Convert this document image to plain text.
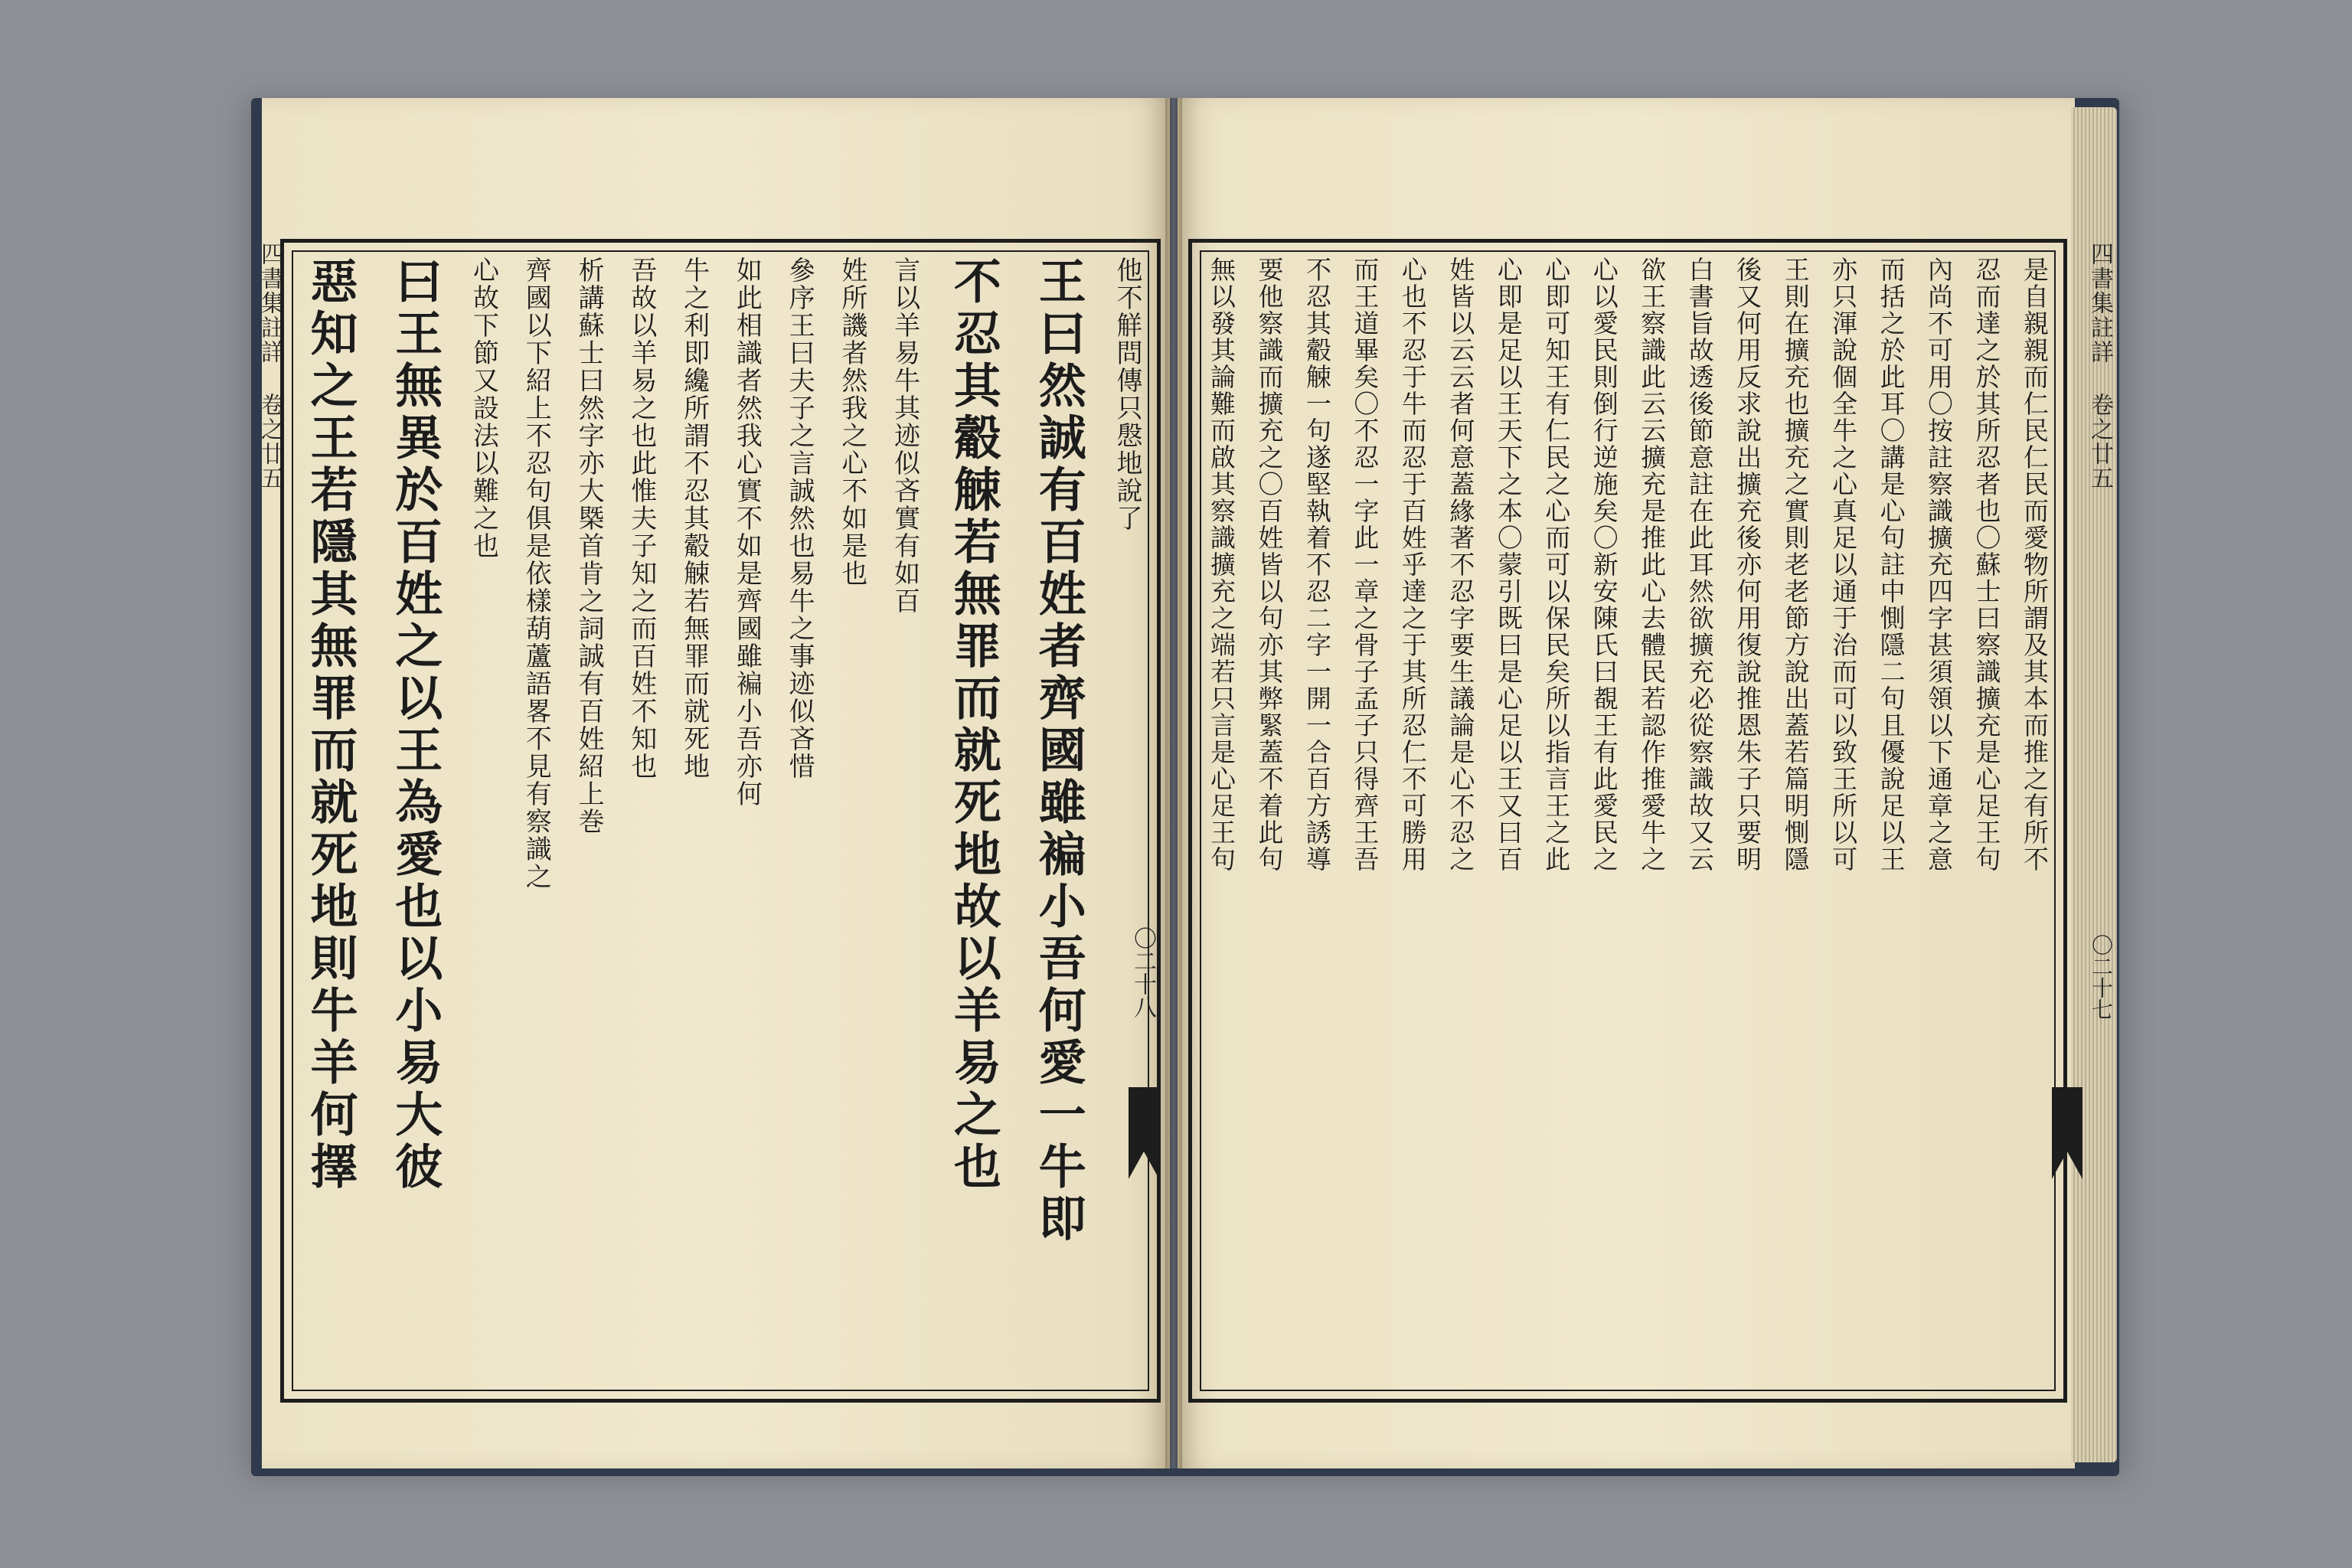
四書集註詳 卷之廿五
〇二十八
四書集註詳 卷之廿五
〇二十七
他不觧問傳只慇地說了
王曰然誠有百姓者齊國雖褊小吾何愛一牛即
不忍其觳觫若無罪而就死地故以羊易之也
言以羊易牛其迹似吝實有如百
姓所譏者然我之心不如是也
參序王曰夫子之言誠然也易牛之事迹似吝惜
如此相識者然我心實不如是齊國雖褊小吾亦何
牛之利即纔所謂不忍其觳觫若無罪而就死地
吾故以羊易之也此惟夫子知之而百姓不知也
析講蘇士曰然字亦大槩首肯之詞誠有百姓紹上巻
齊國以下紹上不忍句俱是依樣葫蘆語畧不見有察識之
心故下節又設法以難之也
曰王無異於百姓之以王為愛也以小易大彼
惡知之王若隱其無罪而就死地則牛羊何擇	是自親親而仁民仁民而愛物所謂及其本而推之有所不
忍而達之於其所忍者也〇蘇士曰察識擴充是心足王句
內尚不可用〇按註察識擴充四字甚須領以下通章之意
而括之於此耳〇講是心句註中惻隱二句且優說足以王
亦只渾說個全牛之心真足以通于治而可以致王所以可
王則在擴充也擴充之實則老老節方說出蓋若篇明惻隱
後又何用反求說出擴充後亦何用復說推恩朱子只要明
白書旨故透後節意註在此耳然欲擴充必從察識故又云
欲王察識此云云擴充是推此心去體民若認作推愛牛之
心以愛民則倒行逆施矣〇新安陳氏曰覩王有此愛民之
心即可知王有仁民之心而可以保民矣所以指言王之此
心即是足以王天下之本〇蒙引既曰是心足以王又曰百
姓皆以云云者何意蓋緣著不忍字要生議論是心不忍之
心也不忍于牛而忍于百姓乎達之于其所忍仁不可勝用
而王道畢矣〇不忍一字此一章之骨子孟子只得齊王吾
不忍其觳觫一句遂堅執着不忍二字一開一合百方誘導
要他察識而擴充之〇百姓皆以句亦其弊緊蓋不着此句
無以發其論難而啟其察識擴充之端若只言是心足王句
